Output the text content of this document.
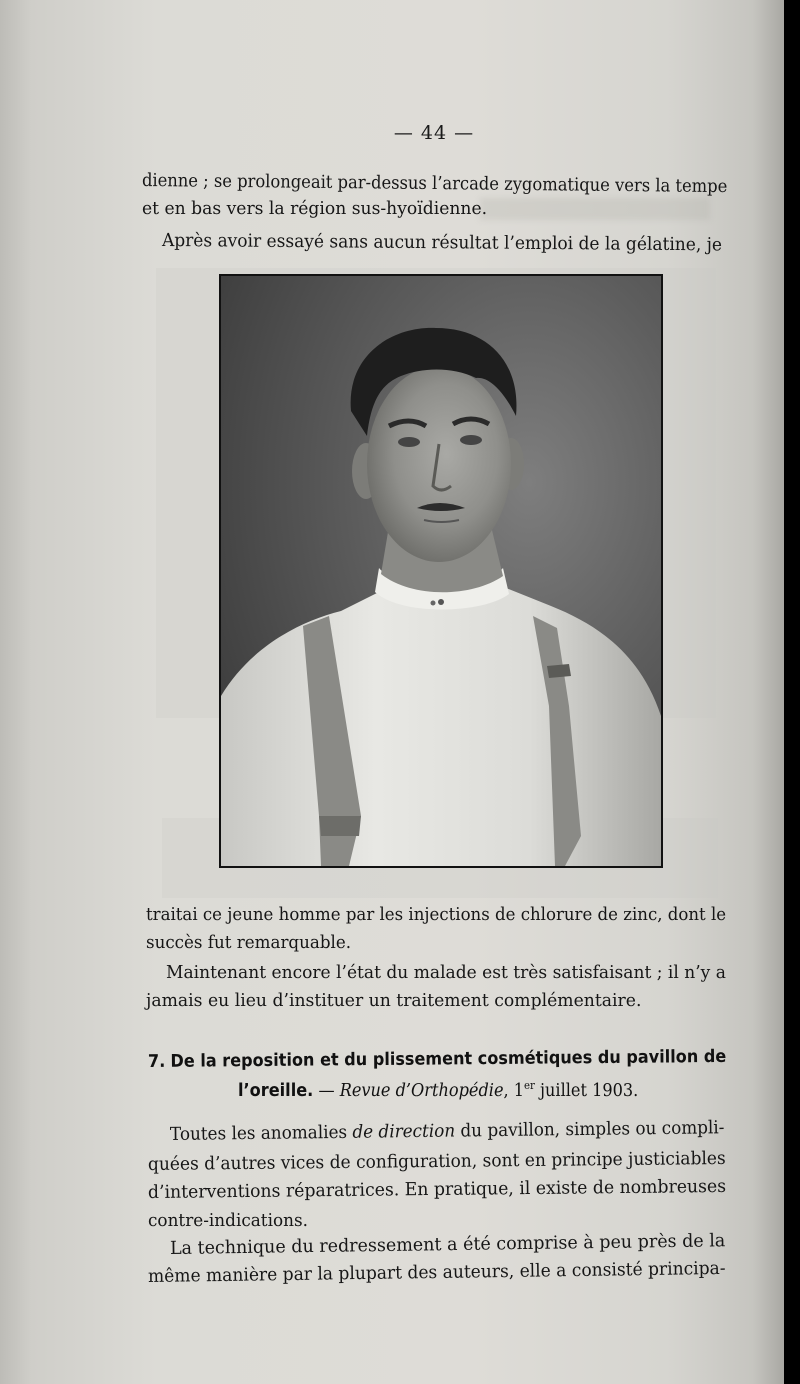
— 44 —
dienne ; se prolongeait par-dessus l’arcade zygomatique vers la tempe
et en bas vers la région sus-hyoïdienne.
Après avoir essayé sans aucun résultat l’emploi de la gélatine, je
traitai ce jeune homme par les injections de chlorure de zinc, dont le
succès fut remarquable.
Maintenant encore l’état du malade est très satisfaisant ; il n’y a
jamais eu lieu d’instituer un traitement complémentaire.
7. De la reposition et du plissement cosmétiques du pavillon de
l’oreille. — Revue d’Orthopédie, 1er juillet 1903.
Toutes les anomalies de direction du pavillon, simples ou compli-
quées d’autres vices de configuration, sont en principe justiciables
d’interventions réparatrices. En pratique, il existe de nombreuses
contre-indications.
La technique du redressement a été comprise à peu près de la
même manière par la plupart des auteurs, elle a consisté principa-
